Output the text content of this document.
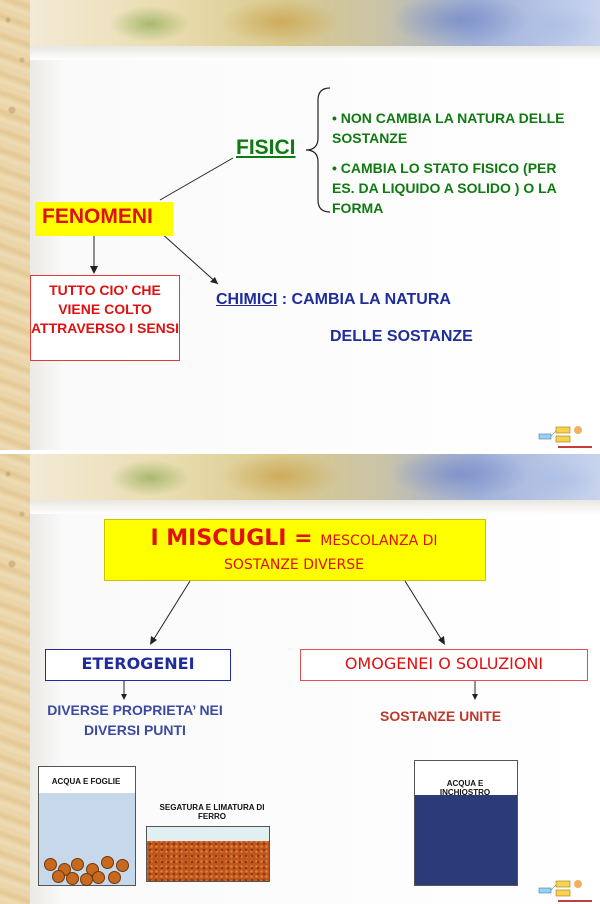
FISICI

• NON CAMBIA LA NATURA DELLE SOSTANZE

• CAMBIA LO STATO FISICO (PER ES. DA LIQUIDO A SOLIDO ) O LA FORMA

FENOMENI

TUTTO CIO’ CHE VIENE COLTO ATTRAVERSO I SENSI

CHIMICI : CAMBIA LA NATURA

DELLE SOSTANZE

I MISCUGLI = MESCOLANZA DI

SOSTANZE DIVERSE

ETEROGENEI	OMOGENEI O SOLUZIONI

DIVERSE PROPRIETA’ NEI DIVERSI PUNTI

SOSTANZE UNITE

ACQUA E FOGLIE

SEGATURA E LIMATURA DI FERRO

ACQUA E INCHIOSTRO
